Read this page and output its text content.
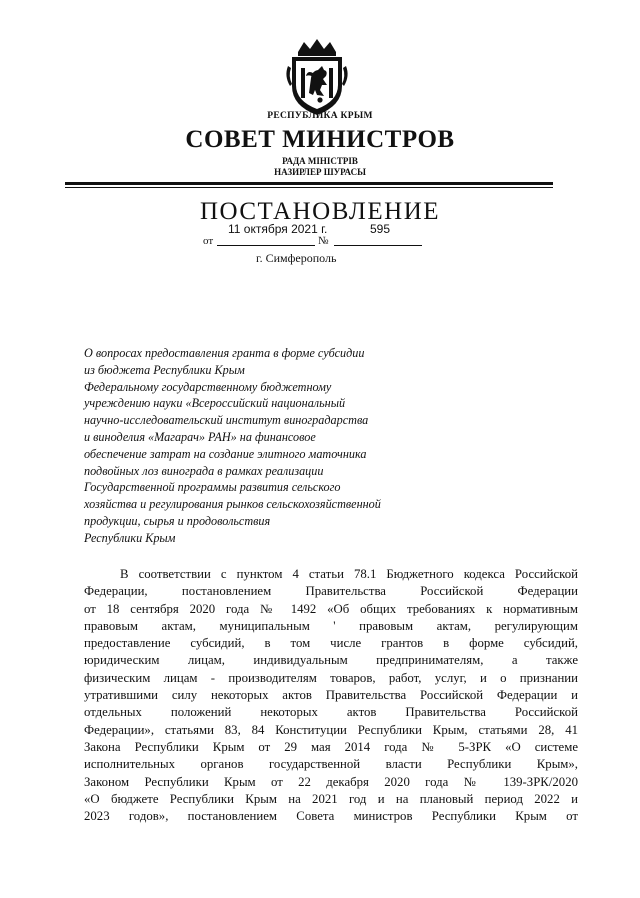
РЕСПУБЛИКА КРЫМ
СОВЕТ МИНИСТРОВ
РАДА МІНІСТРІВ
НАЗИРЛЕР ШУРАСЫ
ПОСТАНОВЛЕНИЕ
от	№
11 октября 2021 г.	595
г. Симферополь
О вопросах предоставления гранта в форме субсидии
из бюджета Республики Крым
Федеральному государственному бюджетному
учреждению науки «Всероссийский национальный
научно-исследовательский институт виноградарства
и виноделия «Магарач» РАН» на финансовое
обеспечение затрат на создание элитного маточника
подвойных лоз винограда в рамках реализации
Государственной программы развития сельского
хозяйства и регулирования рынков сельскохозяйственной
продукции, сырья и продовольствия
Республики Крым
В соответствии с пунктом 4 статьи 78.1 Бюджетного кодекса Российской
Федерации, постановлением Правительства Российской Федерации
от 18 сентября 2020 года № 1492 «Об общих требованиях к нормативным
правовым актам, муниципальным ' правовым актам, регулирующим
предоставление субсидий, в том числе грантов в форме субсидий,
юридическим лицам, индивидуальным предпринимателям, а также
физическим лицам - производителям товаров, работ, услуг, и о признании
утратившими силу некоторых актов Правительства Российской Федерации и
отдельных положений некоторых актов Правительства Российской
Федерации», статьями 83, 84 Конституции Республики Крым, статьями 28, 41
Закона Республики Крым от 29 мая 2014 года № 5-ЗРК «О системе
исполнительных органов государственной власти Республики Крым»,
Законом Республики Крым от 22 декабря 2020 года № 139-ЗРК/2020
«О бюджете Республики Крым на 2021 год и на плановый период 2022 и
2023 годов», постановлением Совета министров Республики Крым от
